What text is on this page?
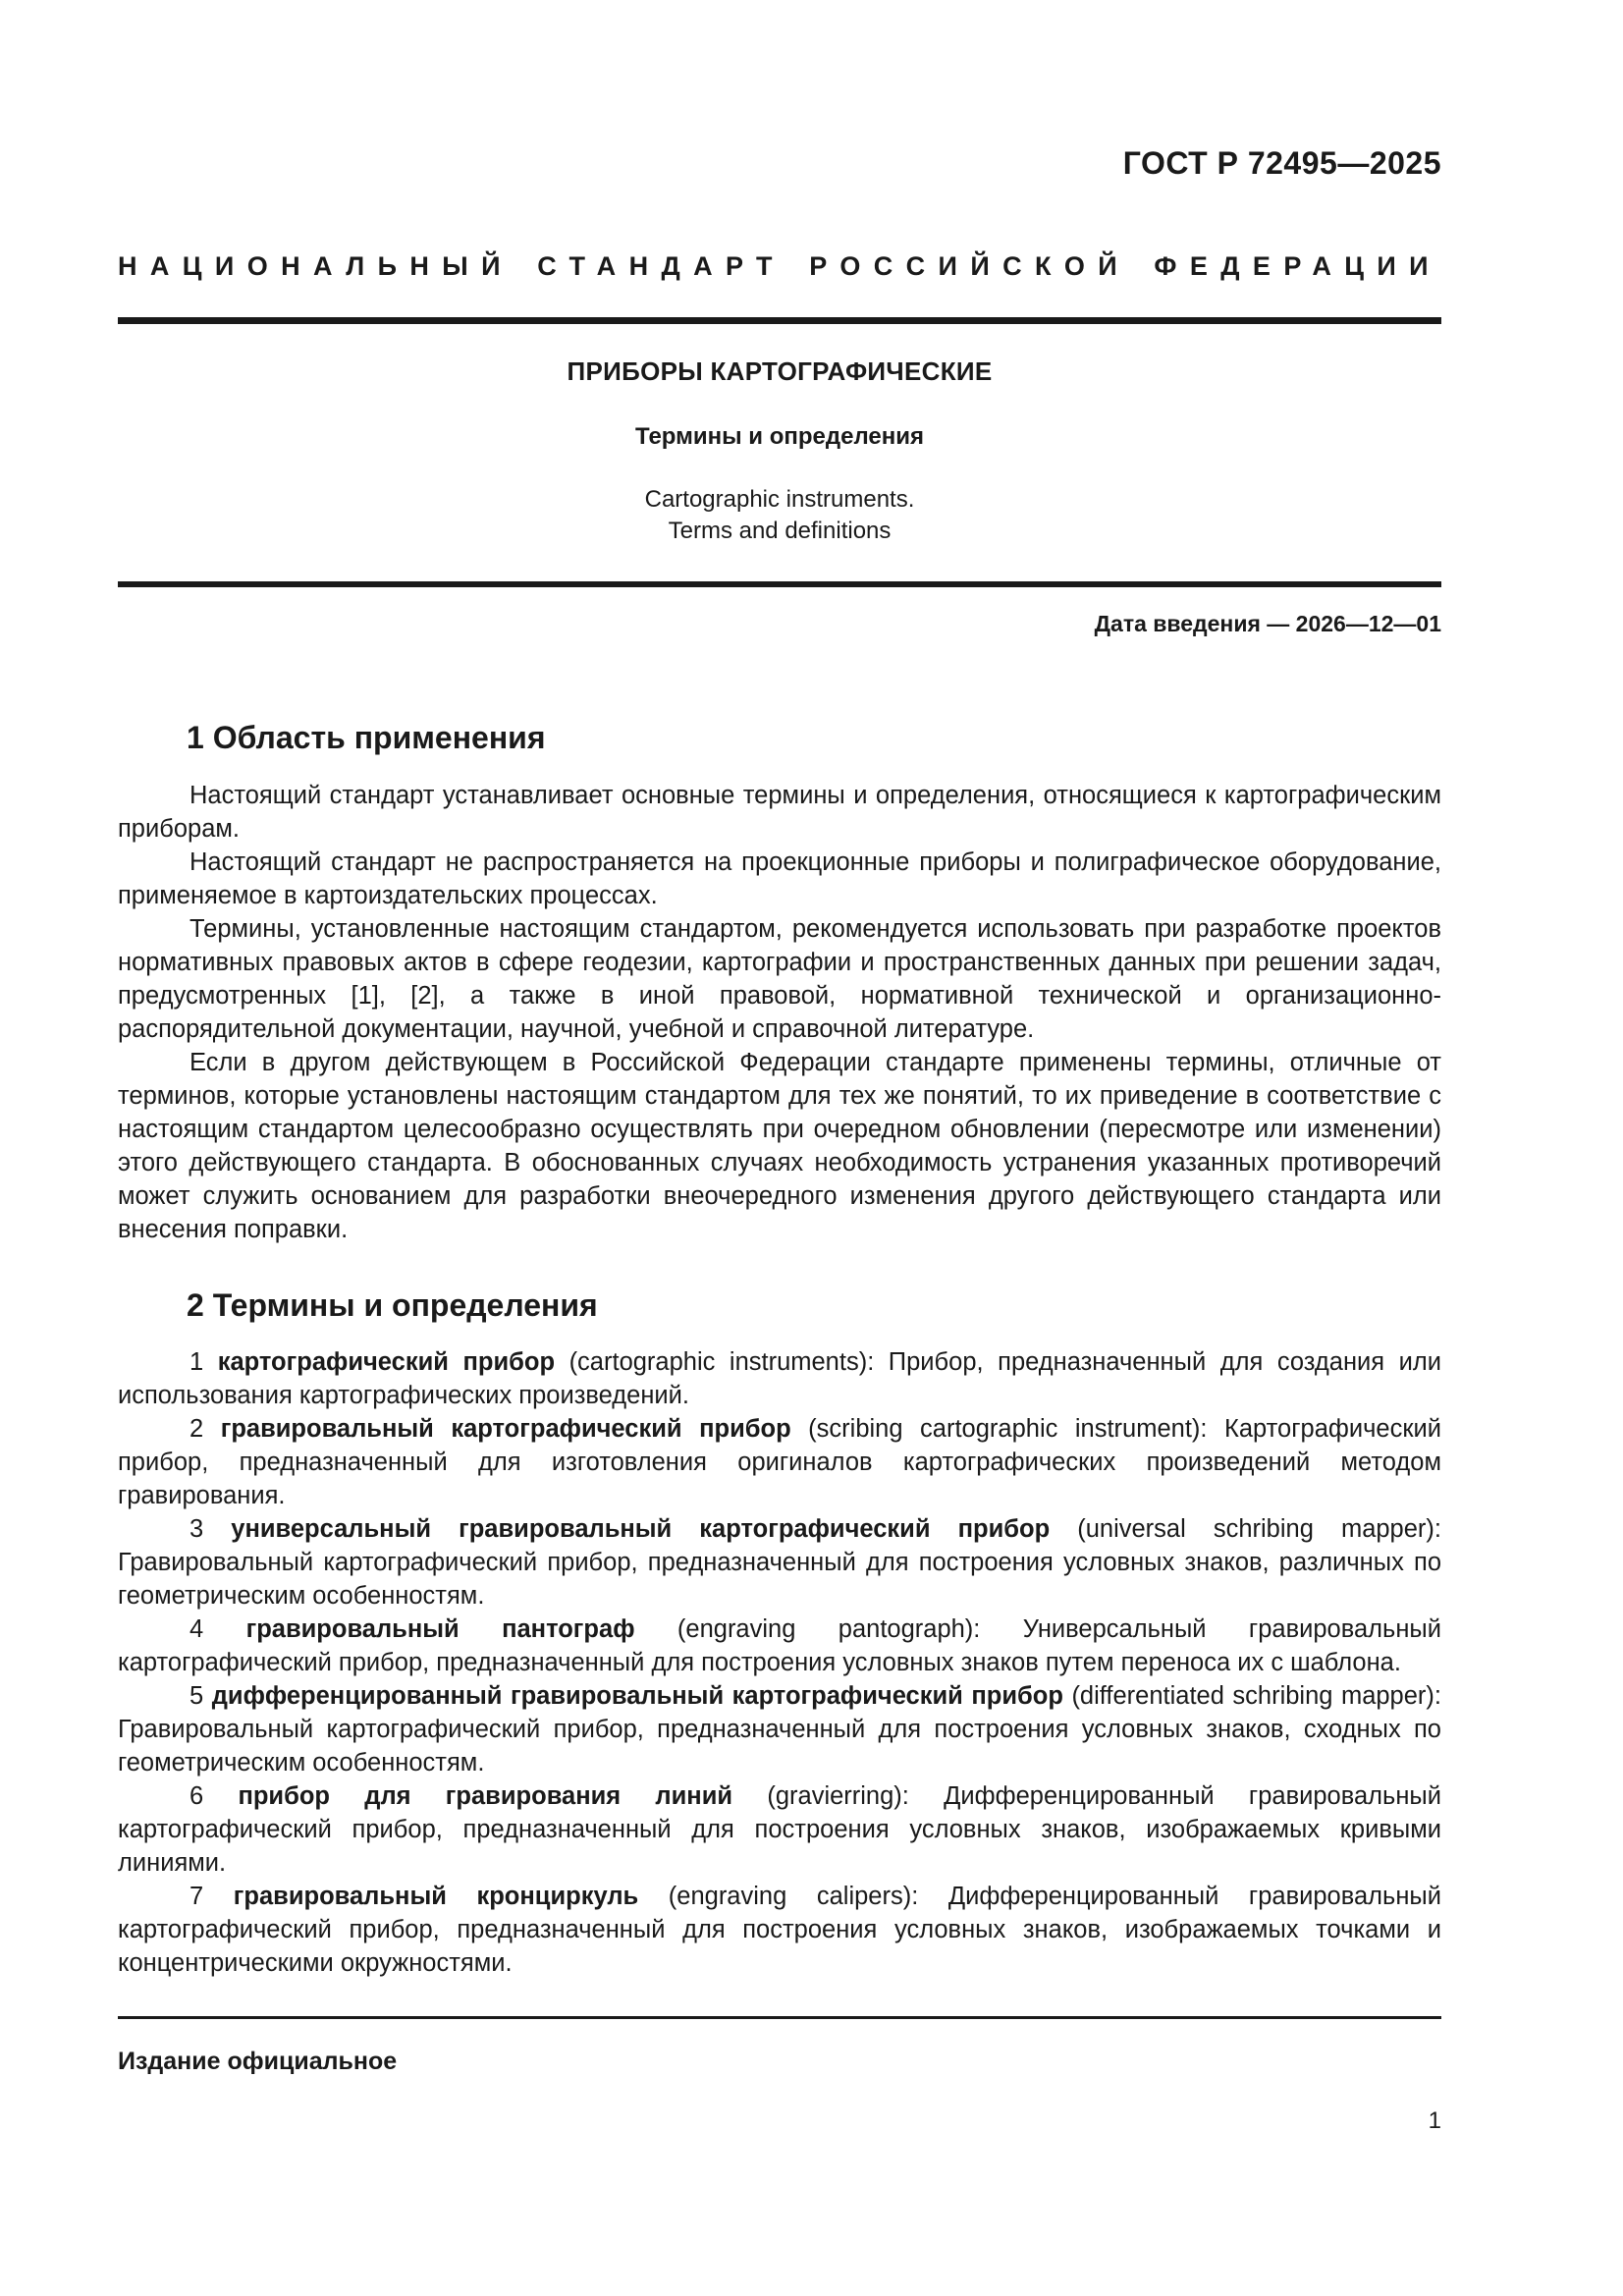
ГОСТ Р 72495—2025
НАЦИОНАЛЬНЫЙ СТАНДАРТ РОССИЙСКОЙ ФЕДЕРАЦИИ
ПРИБОРЫ КАРТОГРАФИЧЕСКИЕ
Термины и определения
Cartographic instruments.
Terms and definitions
Дата введения — 2026—12—01
1 Область применения

Настоящий стандарт устанавливает основные термины и определения, относящиеся к картографическим приборам.

Настоящий стандарт не распространяется на проекционные приборы и полиграфическое оборудование, применяемое в картоиздательских процессах.

Термины, установленные настоящим стандартом, рекомендуется использовать при разработке проектов нормативных правовых актов в сфере геодезии, картографии и пространственных данных при решении задач, предусмотренных [1], [2], а также в иной правовой, нормативной технической и организационно-распорядительной документации, научной, учебной и справочной литературе.

Если в другом действующем в Российской Федерации стандарте применены термины, отличные от терминов, которые установлены настоящим стандартом для тех же понятий, то их приведение в соответствие с настоящим стандартом целесообразно осуществлять при очередном обновлении (пересмотре или изменении) этого действующего стандарта. В обоснованных случаях необходимость устранения указанных противоречий может служить основанием для разработки внеочередного изменения другого действующего стандарта или внесения поправки.

2 Термины и определения

1 картографический прибор (cartographic instruments): Прибор, предназначенный для создания или использования картографических произведений.

2 гравировальный картографический прибор (scribing cartographic instrument): Картографический прибор, предназначенный для изготовления оригиналов картографических произведений методом гравирования.

3 универсальный гравировальный картографический прибор (universal schribing mapper): Гравировальный картографический прибор, предназначенный для построения условных знаков, различных по геометрическим особенностям.

4 гравировальный пантограф (engraving pantograph): Универсальный гравировальный картографический прибор, предназначенный для построения условных знаков путем переноса их с шаблона.

5 дифференцированный гравировальный картографический прибор (differentiated schribing mapper): Гравировальный картографический прибор, предназначенный для построения условных знаков, сходных по геометрическим особенностям.

6 прибор для гравирования линий (gravierring): Дифференцированный гравировальный картографический прибор, предназначенный для построения условных знаков, изображаемых кривыми линиями.

7 гравировальный кронциркуль (engraving calipers): Дифференцированный гравировальный картографический прибор, предназначенный для построения условных знаков, изображаемых точками и концентрическими окружностями.

Издание официальное
1
